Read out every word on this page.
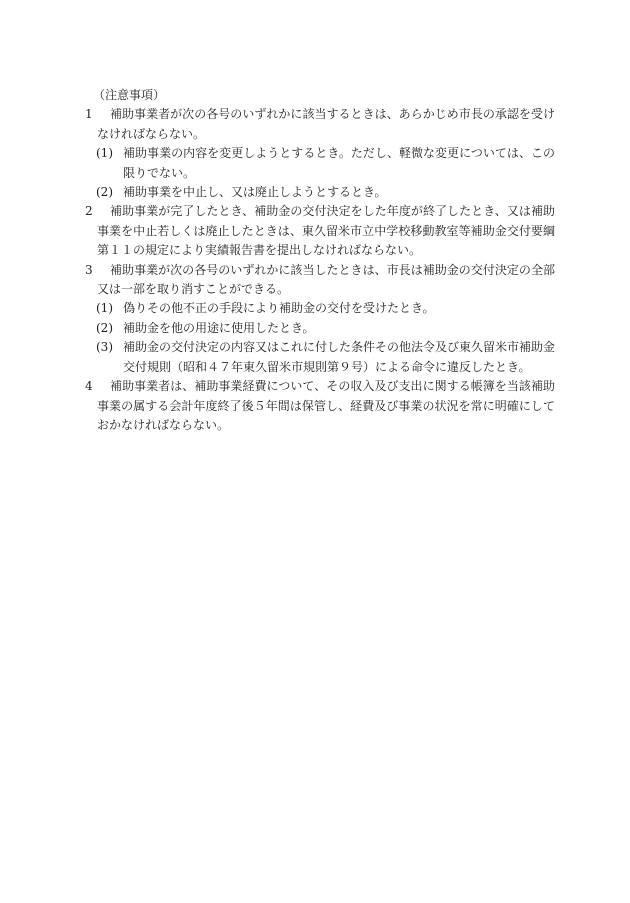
（注意事項）
1 補助事業者が次の各号のいずれかに該当するときは、あらかじめ市長の承認を受けなければならない。
(1) 補助事業の内容を変更しようとするとき。ただし、軽微な変更については、この限りでない。
(2) 補助事業を中止し、又は廃止しようとするとき。
2 補助事業が完了したとき、補助金の交付決定をした年度が終了したとき、又は補助事業を中止若しくは廃止したときは、東久留米市立中学校移動教室等補助金交付要綱第１１の規定により実績報告書を提出しなければならない。
3 補助事業が次の各号のいずれかに該当したときは、市長は補助金の交付決定の全部又は一部を取り消すことができる。
(1) 偽りその他不正の手段により補助金の交付を受けたとき。
(2) 補助金を他の用途に使用したとき。
(3) 補助金の交付決定の内容又はこれに付した条件その他法令及び東久留米市補助金交付規則（昭和４７年東久留米市規則第９号）による命令に違反したとき。
4 補助事業者は、補助事業経費について、その収入及び支出に関する帳簿を当該補助事業の属する会計年度終了後５年間は保管し、経費及び事業の状況を常に明確にしておかなければならない。
